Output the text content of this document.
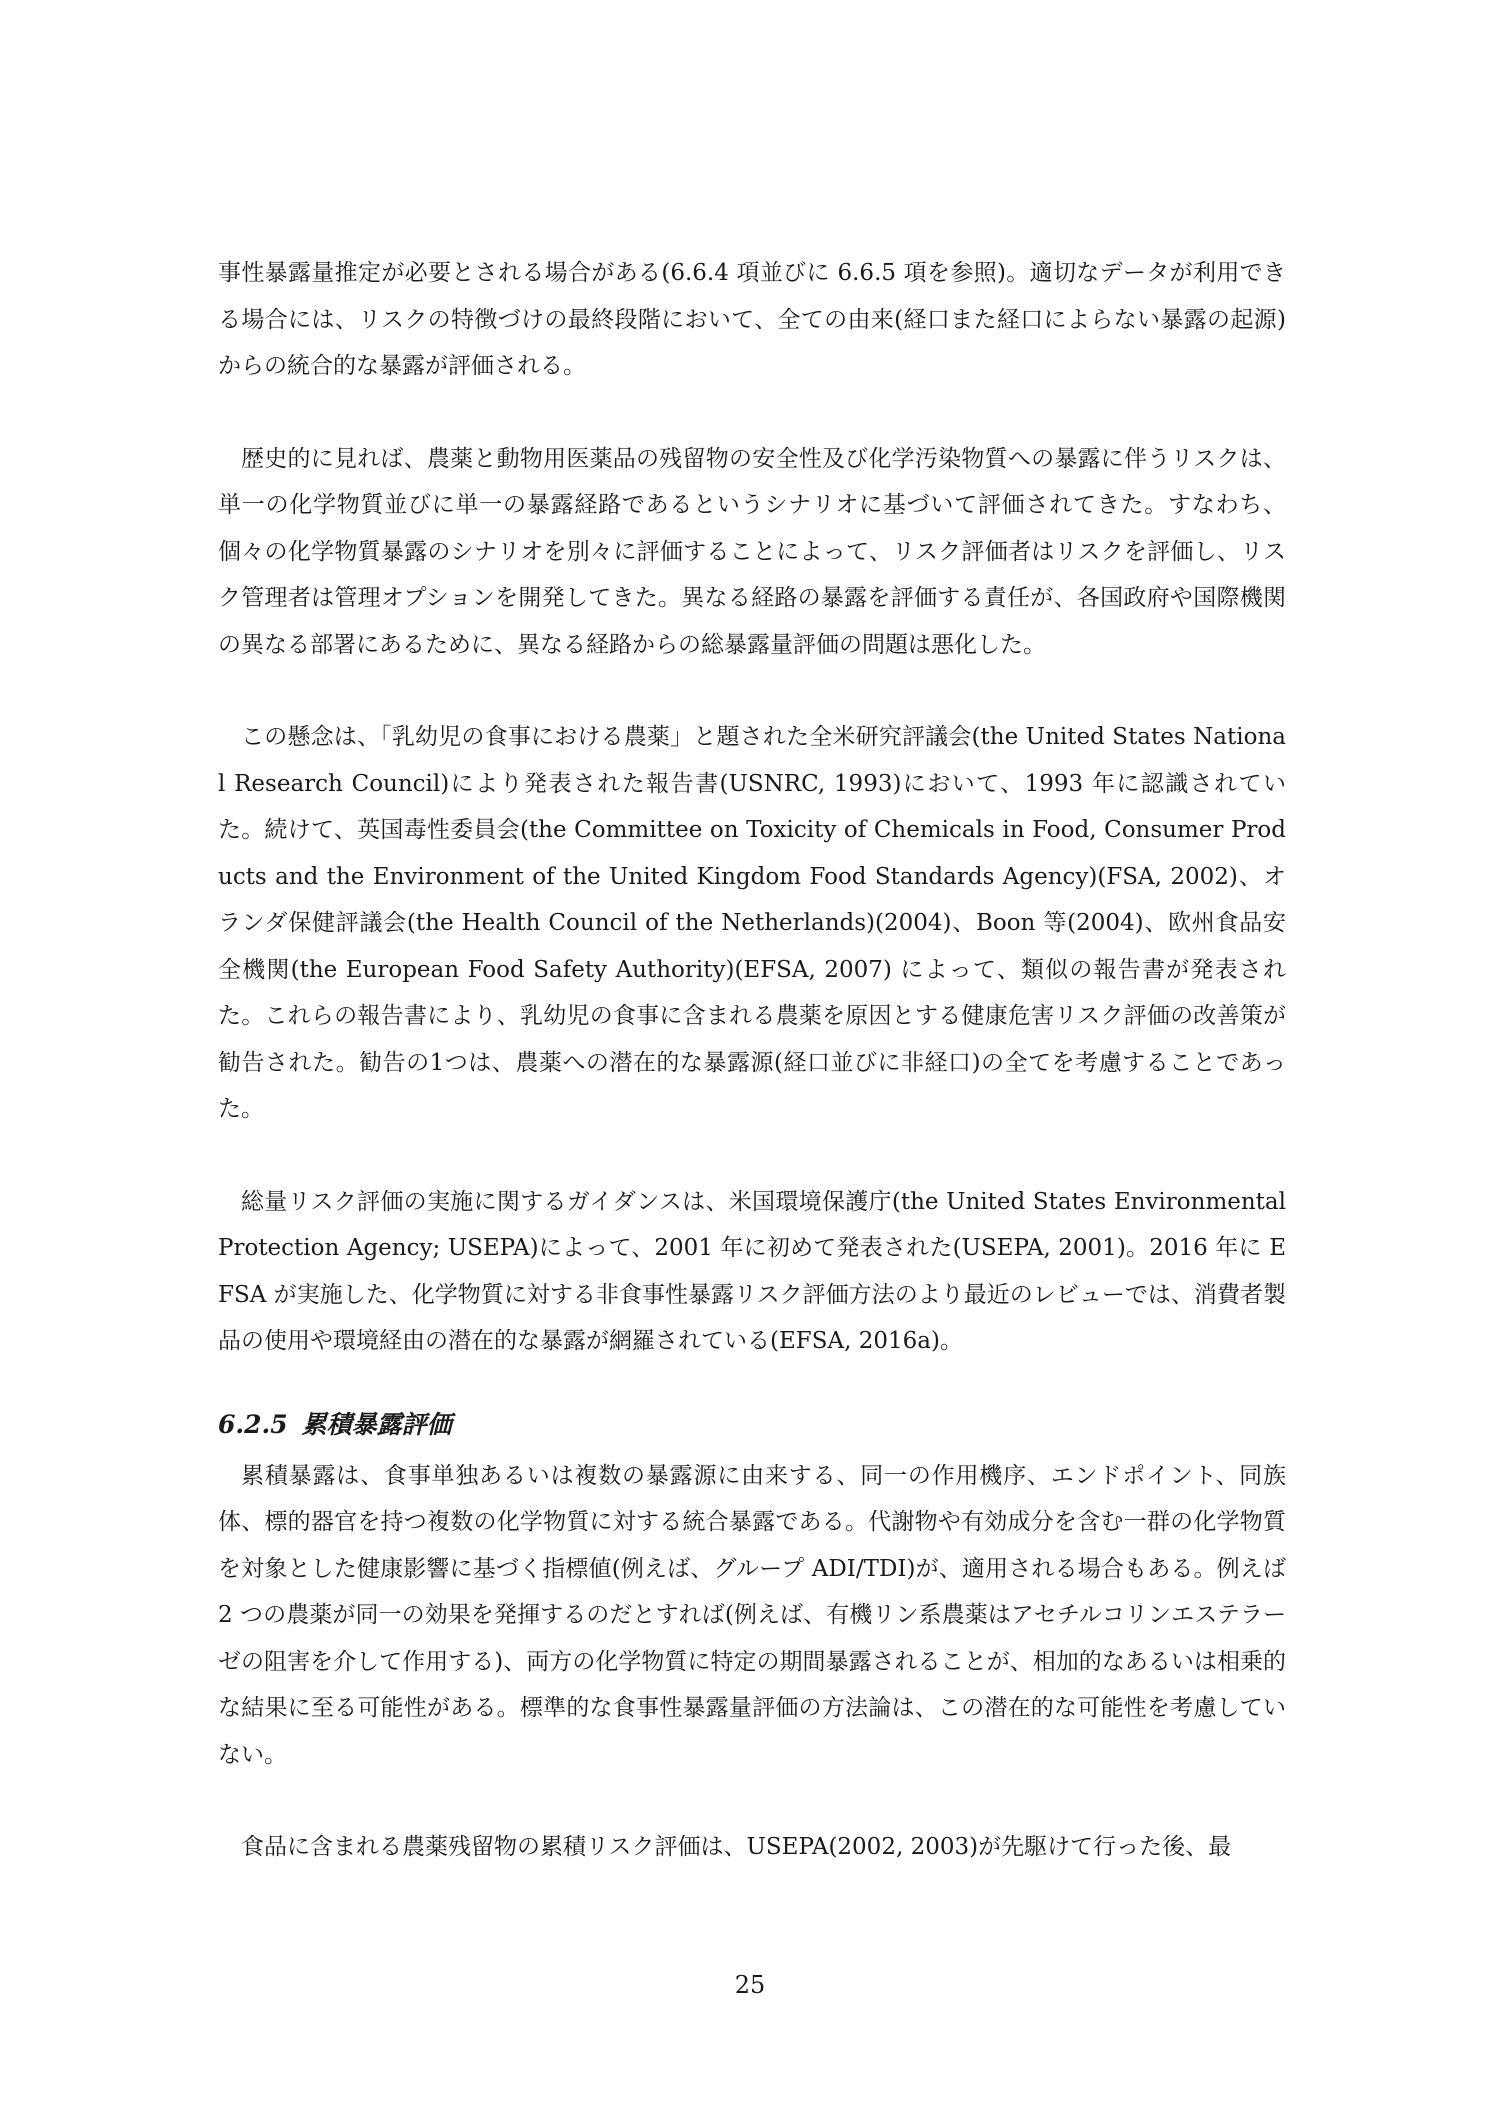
事性暴露量推定が必要とされる場合がある(6.6.4 項並びに 6.6.5 項を参照)。適切なデータが利用できる場合には、リスクの特徴づけの最終段階において、全ての由来(経口また経口によらない暴露の起源)からの統合的な暴露が評価される。

歴史的に見れば、農薬と動物用医薬品の残留物の安全性及び化学汚染物質への暴露に伴うリスクは、単一の化学物質並びに単一の暴露経路であるというシナリオに基づいて評価されてきた。すなわち、個々の化学物質暴露のシナリオを別々に評価することによって、リスク評価者はリスクを評価し、リスク管理者は管理オプションを開発してきた。異なる経路の暴露を評価する責任が、各国政府や国際機関の異なる部署にあるために、異なる経路からの総暴露量評価の問題は悪化した。

この懸念は、「乳幼児の食事における農薬」と題された全米研究評議会(the United States National Research Council)により発表された報告書(USNRC, 1993)において、1993 年に認識されていた。続けて、英国毒性委員会(the Committee on Toxicity of Chemicals in Food, Consumer Products and the Environment of the United Kingdom Food Standards Agency)(FSA, 2002)、オランダ保健評議会(the Health Council of the Netherlands)(2004)、Boon 等(2004)、欧州食品安全機関(the European Food Safety Authority)(EFSA, 2007) によって、類似の報告書が発表された。これらの報告書により、乳幼児の食事に含まれる農薬を原因とする健康危害リスク評価の改善策が勧告された。勧告の1つは、農薬への潜在的な暴露源(経口並びに非経口)の全てを考慮することであった。

総量リスク評価の実施に関するガイダンスは、米国環境保護庁(the United States Environmental Protection Agency; USEPA)によって、2001 年に初めて発表された(USEPA, 2001)。2016 年に EFSA が実施した、化学物質に対する非食事性暴露リスク評価方法のより最近のレビューでは、消費者製品の使用や環境経由の潜在的な暴露が網羅されている(EFSA, 2016a)。

6.2.5 累積暴露評価

累積暴露は、食事単独あるいは複数の暴露源に由来する、同一の作用機序、エンドポイント、同族体、標的器官を持つ複数の化学物質に対する統合暴露である。代謝物や有効成分を含む一群の化学物質を対象とした健康影響に基づく指標値(例えば、グループ ADI/TDI)が、適用される場合もある。例えば 2 つの農薬が同一の効果を発揮するのだとすれば(例えば、有機リン系農薬はアセチルコリンエステラーゼの阻害を介して作用する)、両方の化学物質に特定の期間暴露されることが、相加的なあるいは相乗的な結果に至る可能性がある。標準的な食事性暴露量評価の方法論は、この潜在的な可能性を考慮していない。

食品に含まれる農薬残留物の累積リスク評価は、USEPA(2002, 2003)が先駆けて行った後、最

25
